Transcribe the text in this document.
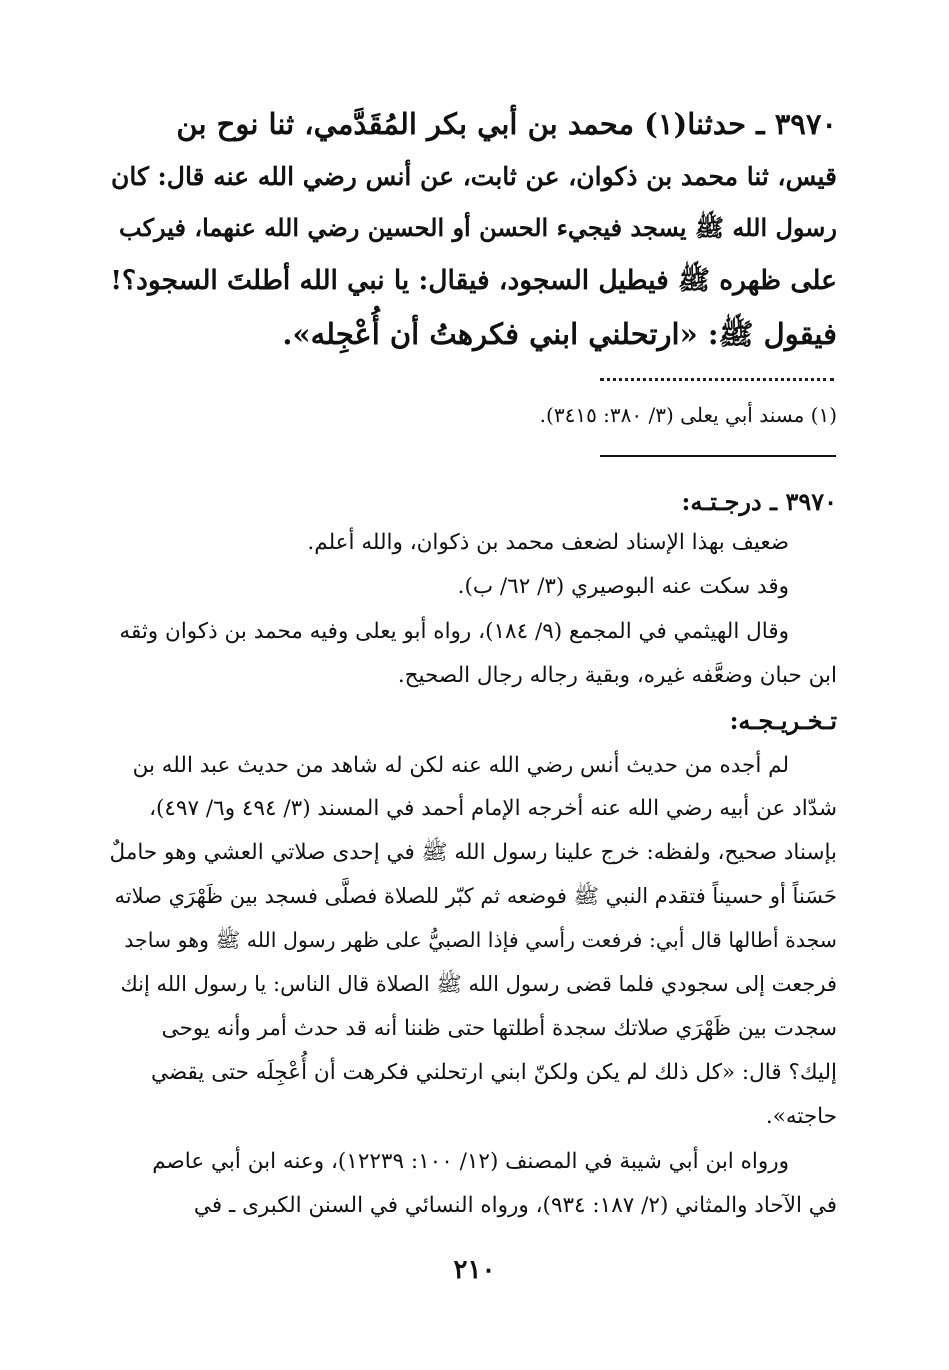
٣٩٧٠ ـ حدثنا(١) محمد بن أبي بكر المُقَدَّمي، ثنا نوح بن
قيس، ثنا محمد بن ذكوان، عن ثابت، عن أنس رضي الله عنه قال: كان
رسول الله ﷺ يسجد فيجيء الحسن أو الحسين رضي الله عنهما، فيركب
على ظهره ﷺ فيطيل السجود، فيقال: يا نبي الله أطلتَ السجود؟!
فيقول ﷺ: «ارتحلني ابني فكرهتُ أن أُعْجِله».
(١) مسند أبي يعلى (٣/ ٣٨٠: ٣٤١٥).
٣٩٧٠ ـ درجـتـه:
ضعيف بهذا الإسناد لضعف محمد بن ذكوان، والله أعلم.
وقد سكت عنه البوصيري (٣/ ٦٢/ ب).
وقال الهيثمي في المجمع (٩/ ١٨٤)، رواه أبو يعلى وفيه محمد بن ذكوان وثقه
ابن حبان وضعَّفه غيره، وبقية رجاله رجال الصحيح.
تـخـريـجـه:
لم أجده من حديث أنس رضي الله عنه لكن له شاهد من حديث عبد الله بن
شدّاد عن أبيه رضي الله عنه أخرجه الإمام أحمد في المسند (٣/ ٤٩٤ و٦/ ٤٩٧)،
بإسناد صحيح، ولفظه: خرج علينا رسول الله ﷺ في إحدى صلاتي العشي وهو حاملٌ
حَسَناً أو حسيناً فتقدم النبي ﷺ فوضعه ثم كبّر للصلاة فصلَّى فسجد بين ظَهْرَي صلاته
سجدة أطالها قال أبي: فرفعت رأسي فإذا الصبيُّ على ظهر رسول الله ﷺ وهو ساجد
فرجعت إلى سجودي فلما قضى رسول الله ﷺ الصلاة قال الناس: يا رسول الله إنك
سجدت بين ظَهْرَي صلاتك سجدة أطلتها حتى ظننا أنه قد حدث أمر وأنه يوحى
إليك؟ قال: «كل ذلك لم يكن ولكنّ ابني ارتحلني فكرهت أن أُعْجِلَه حتى يقضي
حاجته».
ورواه ابن أبي شيبة في المصنف (١٢/ ١٠٠: ١٢٢٣٩)، وعنه ابن أبي عاصم
في الآحاد والمثاني (٢/ ١٨٧: ٩٣٤)، ورواه النسائي في السنن الكبرى ـ في
٢١٠
